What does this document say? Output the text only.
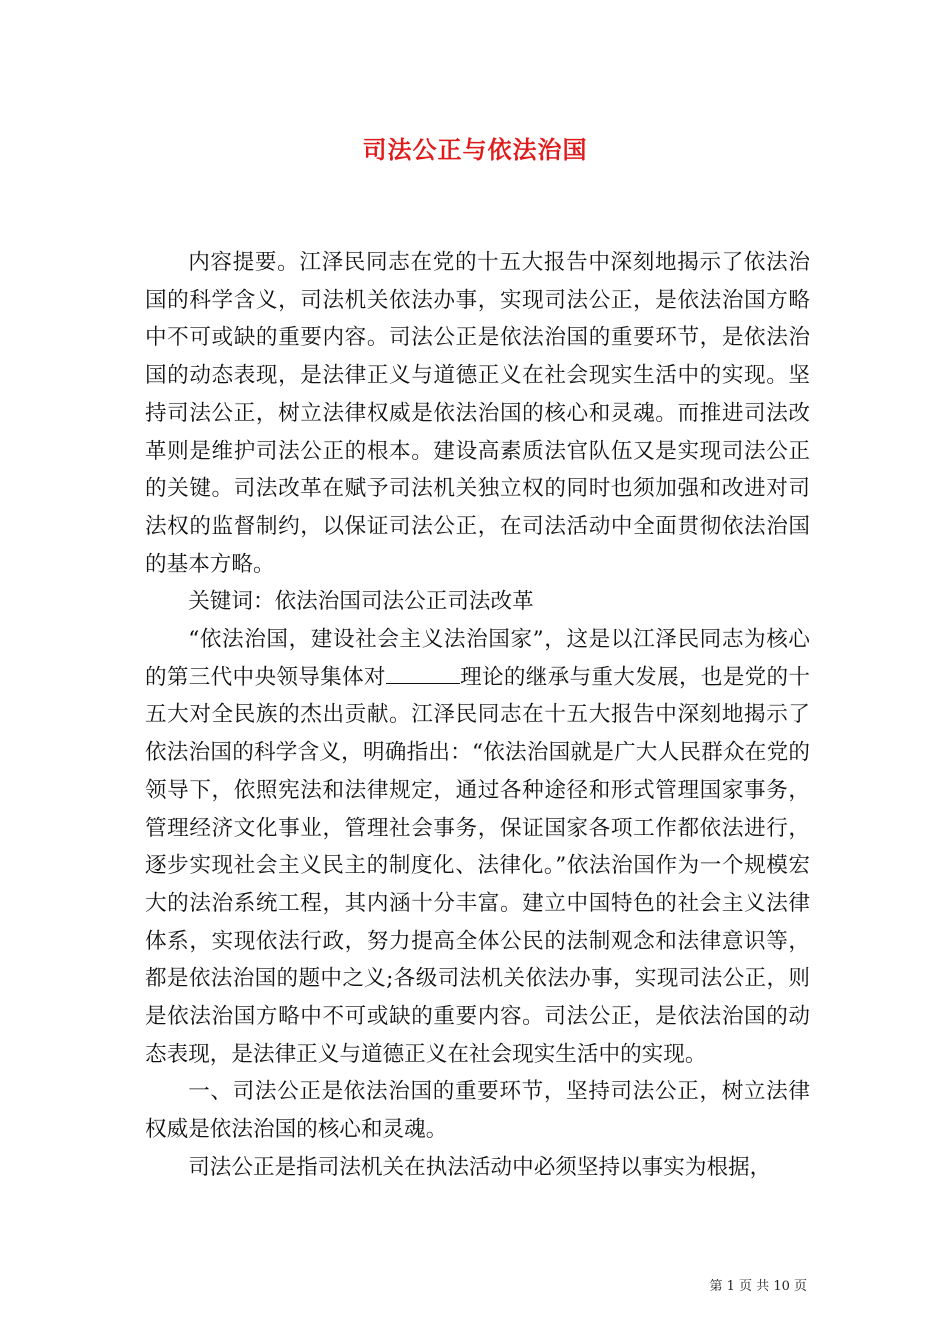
司法公正与依法治国

内容提要。江泽民同志在党的十五大报告中深刻地揭示了依法治国的科学含义，司法机关依法办事，实现司法公正，是依法治国方略中不可或缺的重要内容。司法公正是依法治国的重要环节，是依法治国的动态表现，是法律正义与道德正义在社会现实生活中的实现。坚持司法公正，树立法律权威是依法治国的核心和灵魂。而推进司法改革则是维护司法公正的根本。建设高素质法官队伍又是实现司法公正的关键。司法改革在赋予司法机关独立权的同时也须加强和改进对司法权的监督制约，以保证司法公正，在司法活动中全面贯彻依法治国的基本方略。

关键词：依法治国司法公正司法改革

“依法治国，建设社会主义法治国家”，这是以江泽民同志为核心的第三代中央领导集体对	理论的继承与重大发展，也是党的十五大对全民族的杰出贡献。江泽民同志在十五大报告中深刻地揭示了依法治国的科学含义，明确指出：“依法治国就是广大人民群众在党的领导下，依照宪法和法律规定，通过各种途径和形式管理国家事务，管理经济文化事业，管理社会事务，保证国家各项工作都依法进行，逐步实现社会主义民主的制度化、法律化。”依法治国作为一个规模宏大的法治系统工程，其内涵十分丰富。建立中国特色的社会主义法律体系，实现依法行政，努力提高全体公民的法制观念和法律意识等，都是依法治国的题中之义;各级司法机关依法办事，实现司法公正，则是依法治国方略中不可或缺的重要内容。司法公正，是依法治国的动态表现，是法律正义与道德正义在社会现实生活中的实现。

一、司法公正是依法治国的重要环节，坚持司法公正，树立法律权威是依法治国的核心和灵魂。

司法公正是指司法机关在执法活动中必须坚持以事实为根据，

第 1 页 共 10 页
